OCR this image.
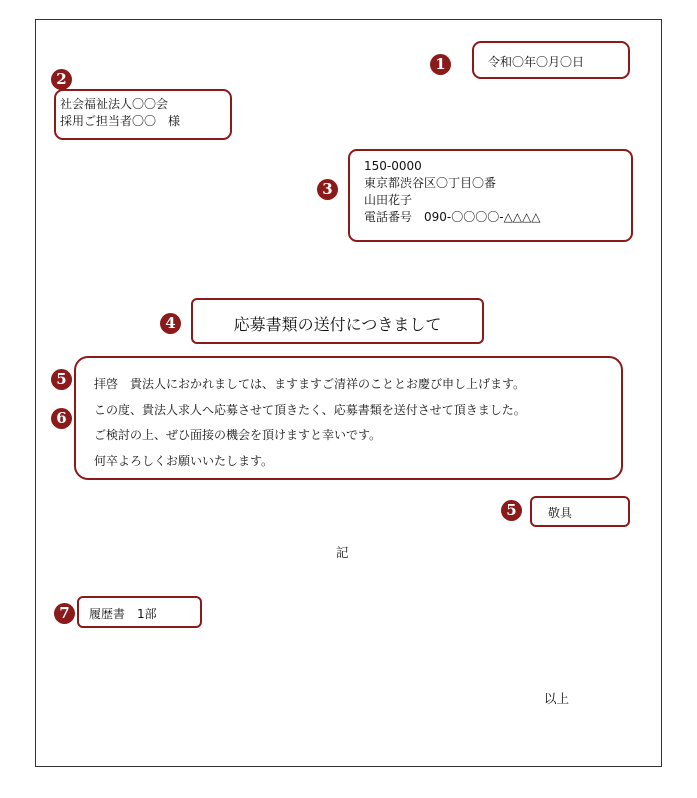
1	令和〇年〇月〇日
2
社会福祉法人〇〇会
採用ご担当者〇〇　様
3
150-0000
東京都渋谷区〇丁目〇番
山田花子
電話番号　090-〇〇〇〇-△△△△
4	応募書類の送付につきまして
5
6
拝啓　貴法人におかれましては、ますますご清祥のこととお慶び申し上げます。
この度、貴法人求人へ応募させて頂きたく、応募書類を送付させて頂きました。
ご検討の上、ぜひ面接の機会を頂けますと幸いです。
何卒よろしくお願いいたします。
5	敬具
記
7	履歴書　1部
以上
